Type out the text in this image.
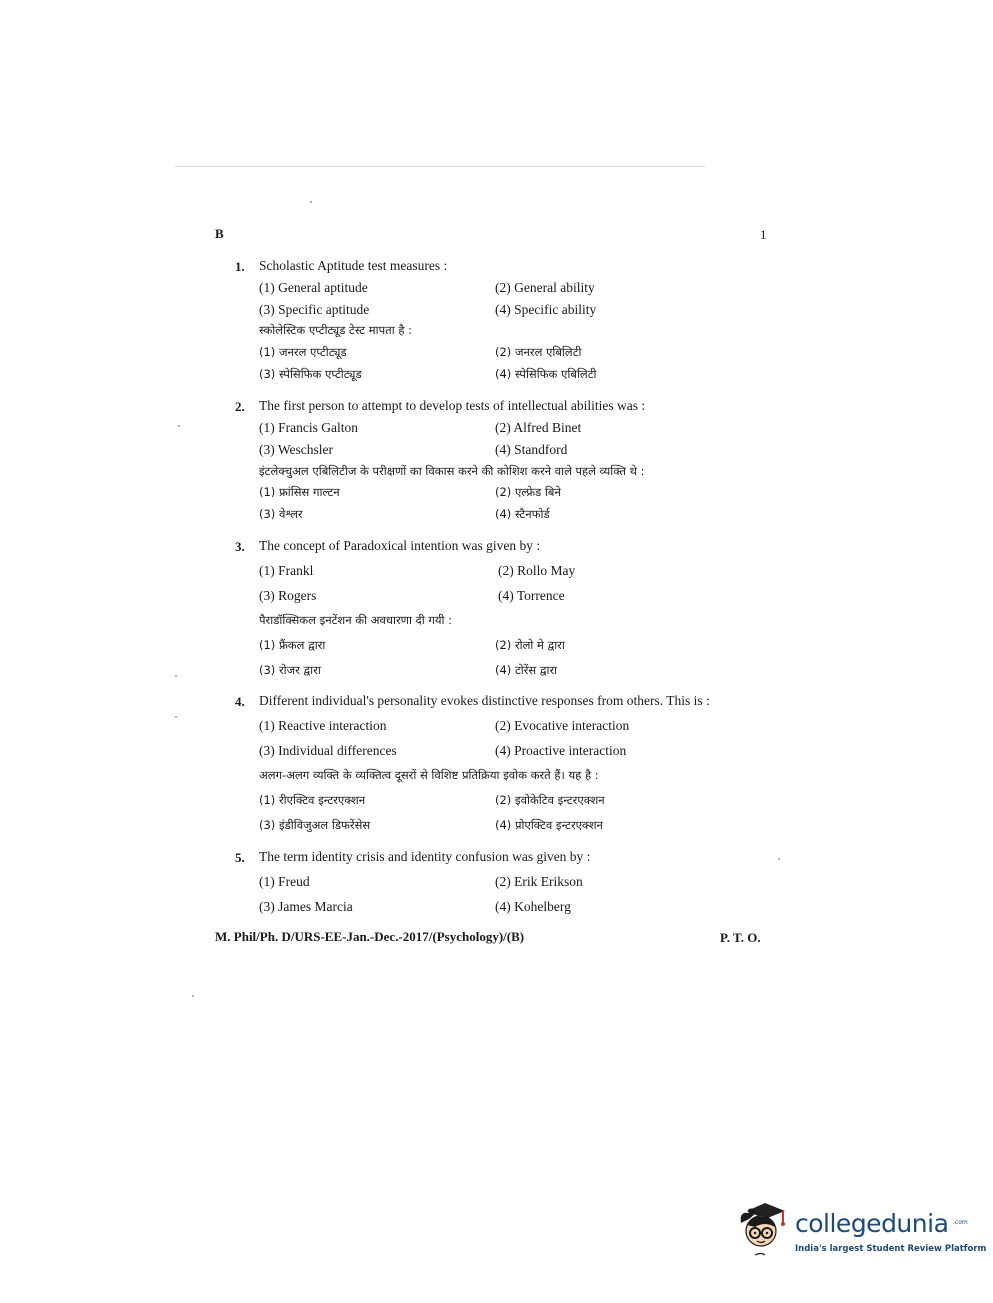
B	1
1. Scholastic Aptitude test measures :
(1) General aptitude	(2) General ability
(3) Specific aptitude	(4) Specific ability
स्कोलेस्टिक एप्टीट्यूड टेस्ट मापता है :
(1) जनरल एप्टीट्यूड	(2) जनरल एबिलिटी
(3) स्पेसिफिक एप्टीट्यूड	(4) स्पेसिफिक एबिलिटी
2. The first person to attempt to develop tests of intellectual abilities was :
(1) Francis Galton	(2) Alfred Binet
(3) Weschsler	(4) Standford
इंटलेक्चुअल एबिलिटीज के परीक्षणों का विकास करने की कोशिश करने वाले पहले व्यक्ति थे :
(1) फ्रांसिस गाल्टन	(2) एल्फ्रेड बिने
(3) वेश्लर	(4) स्टैनफोर्ड
3. The concept of Paradoxical intention was given by :
(1) Frankl	(2) Rollo May
(3) Rogers	(4) Torrence
पैराडॉक्सिकल इनटेंशन की अवधारणा दी गयी :
(1) फ्रैंकल द्वारा	(2) रोलो मे द्वारा
(3) रोजर द्वारा	(4) टोरेंस द्वारा
4. Different individual's personality evokes distinctive responses from others. This is :
(1) Reactive interaction	(2) Evocative interaction
(3) Individual differences	(4) Proactive interaction
अलग-अलग व्यक्ति के व्यक्तित्व दूसरों से विशिष्ट प्रतिक्रिया इवोक करते हैं। यह है :
(1) रीएक्टिव इन्टरएक्शन	(2) इवोकेटिव इन्टरएक्शन
(3) इंडीविजुअल डिफरेंसेस	(4) प्रोएक्टिव इन्टरएक्शन
5. The term identity crisis and identity confusion was given by :
(1) Freud	(2) Erik Erikson
(3) James Marcia	(4) Kohelberg
M. Phil/Ph. D/URS-EE-Jan.-Dec.-2017/(Psychology)/(B)	P. T. O.
collegedunia .com
India's largest Student Review Platform
